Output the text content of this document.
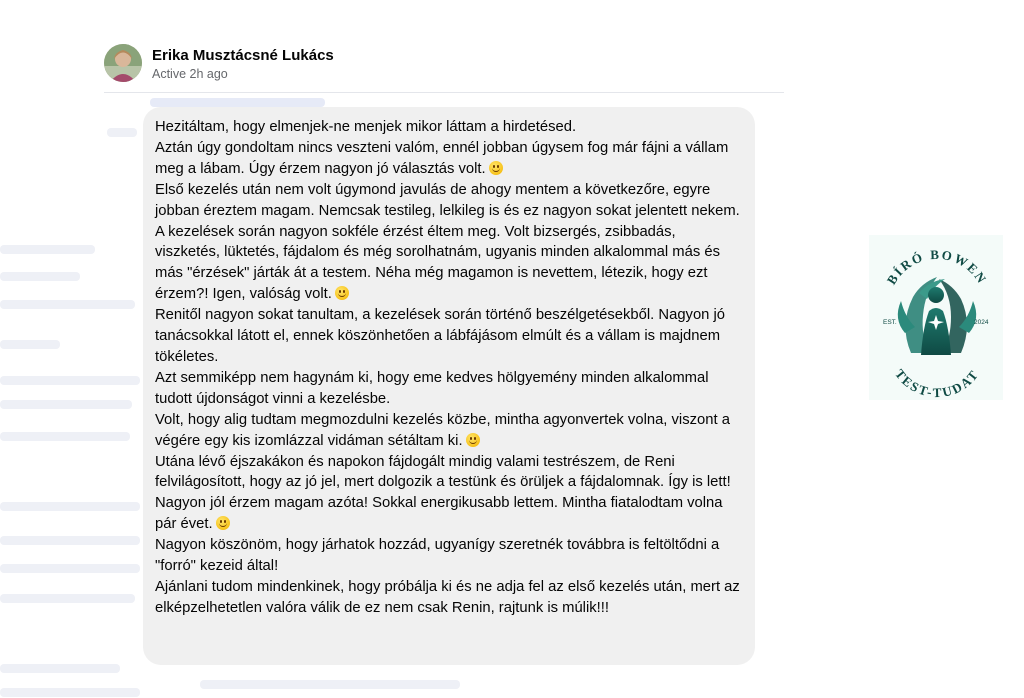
Erika Musztácsné Lukács
Active 2h ago

Hezitáltam, hogy elmenjek-ne menjek mikor láttam a hirdetésed.

Aztán úgy gondoltam nincs veszteni valóm, ennél jobban úgysem fog már fájni a vállam meg a lábam. Úgy érzem nagyon jó választás volt.

Első kezelés után nem volt úgymond javulás de ahogy mentem a következőre, egyre jobban éreztem magam. Nemcsak testileg, lelkileg is és ez nagyon sokat jelentett nekem.

A kezelések során nagyon sokféle érzést éltem meg. Volt bizsergés, zsibbadás, viszketés, lüktetés, fájdalom és még sorolhatnám, ugyanis minden alkalommal más és más "érzések" járták át a testem. Néha még magamon is nevettem, létezik, hogy ezt érzem?! Igen, valóság volt.

Renitől nagyon sokat tanultam, a kezelések során történő beszélgetésekből. Nagyon jó tanácsokkal látott el, ennek köszönhetően a lábfájásom elmúlt és a vállam is majdnem tökéletes.

Azt semmiképp nem hagynám ki, hogy eme kedves hölgyemény minden alkalommal tudott újdonságot vinni a kezelésbe.

Volt, hogy alig tudtam megmozdulni kezelés közbe, mintha agyonvertek volna, viszont a végére egy kis izomlázzal vidáman sétáltam ki.

Utána lévő éjszakákon és napokon fájdogált mindig valami testrészem, de Reni felvilágosított, hogy az jó jel, mert dolgozik a testünk és örüljek a fájdalomnak. Így is lett!

Nagyon jól érzem magam azóta! Sokkal energikusabb lettem. Mintha fiatalodtam volna pár évet.

Nagyon köszönöm, hogy járhatok hozzád, ugyanígy szeretnék továbbra is feltöltődni a "forró" kezeid által!

Ajánlani tudom mindenkinek, hogy próbálja ki és ne adja fel az első kezelés után, mert az elképzelhetetlen valóra válik de ez nem csak Renin, rajtunk is múlik!!!

BÍRÓ BOWEN
TEST-TUDAT
EST.	2024
